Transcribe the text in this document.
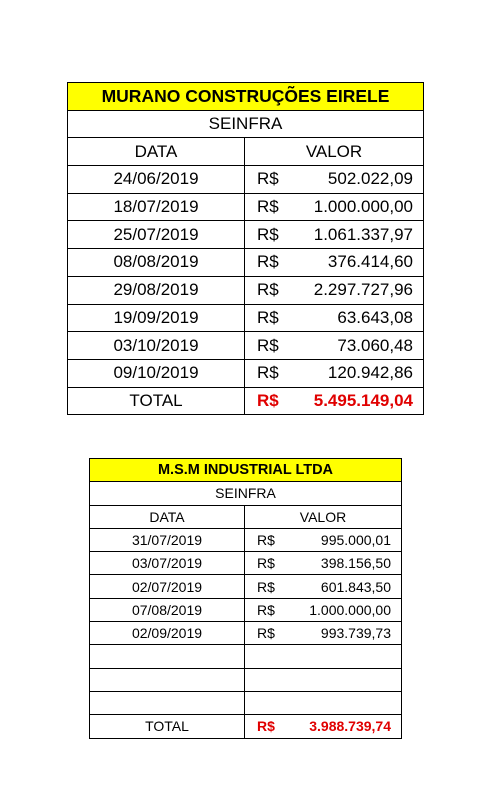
MURANO CONSTRUÇÕES EIRELE		
SEINFRA		
DATA	VALOR	
24/06/2019	R$	502.022,09
18/07/2019	R$	1.000.000,00
25/07/2019	R$	1.061.337,97
08/08/2019	R$	376.414,60
29/08/2019	R$	2.297.727,96
19/09/2019	R$	63.643,08
03/10/2019	R$	73.060,48
09/10/2019	R$	120.942,86
TOTAL	R$	5.495.149,04
M.S.M INDUSTRIAL LTDA		
SEINFRA		
DATA	VALOR	
31/07/2019	R$	995.000,01
03/07/2019	R$	398.156,50
02/07/2019	R$	601.843,50
07/08/2019	R$	1.000.000,00
02/09/2019	R$	993.739,73

TOTAL	R$	3.988.739,74
